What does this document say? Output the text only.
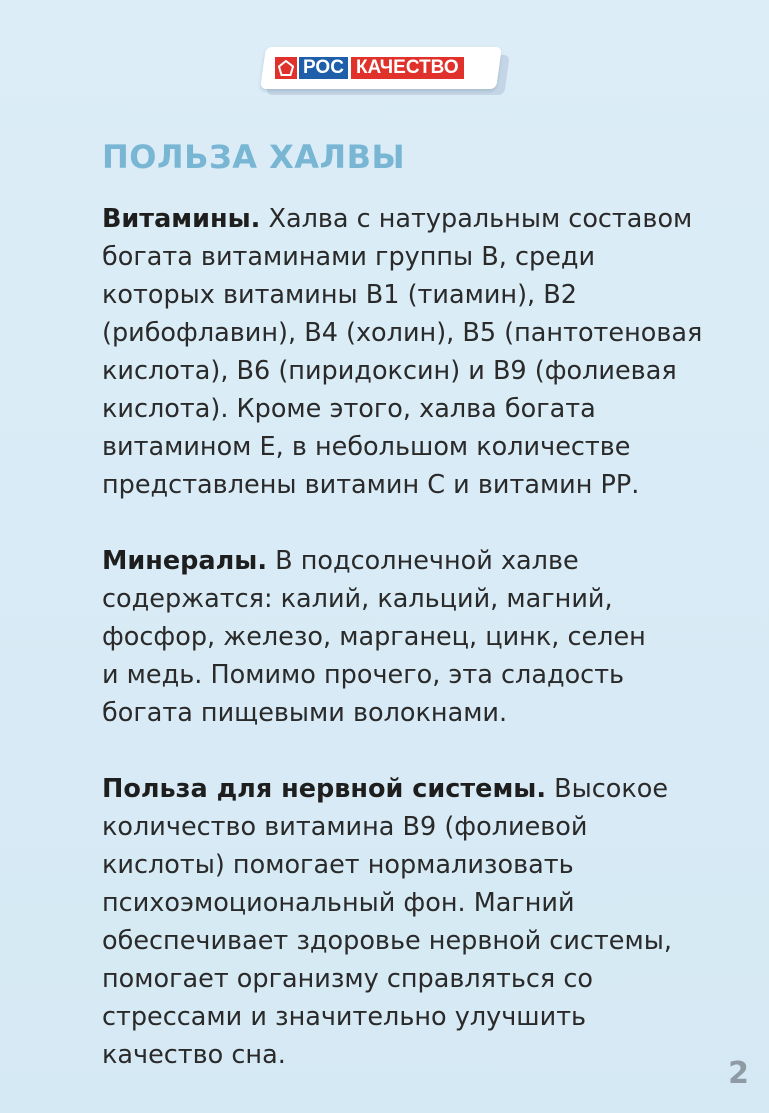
РОС КАЧЕСТВО
ПОЛЬЗА ХАЛВЫ

Витамины. Халва с натуральным составом
богата витаминами группы B, среди
которых витамины B1 (тиамин), B2
(рибофлавин), B4 (холин), B5 (пантотеновая
кислота), B6 (пиридоксин) и B9 (фолиевая
кислота). Кроме этого, халва богата
витамином Е, в небольшом количестве
представлены витамин С и витамин РР.

Минералы. В подсолнечной халве
содержатся: калий, кальций, магний,
фосфор, железо, марганец, цинк, селен
и медь. Помимо прочего, эта сладость
богата пищевыми волокнами.

Польза для нервной системы. Высокое
количество витамина B9 (фолиевой
кислоты) помогает нормализовать
психоэмоциональный фон. Магний
обеспечивает здоровье нервной системы,
помогает организму справляться со
стрессами и значительно улучшить
качество сна.

2
